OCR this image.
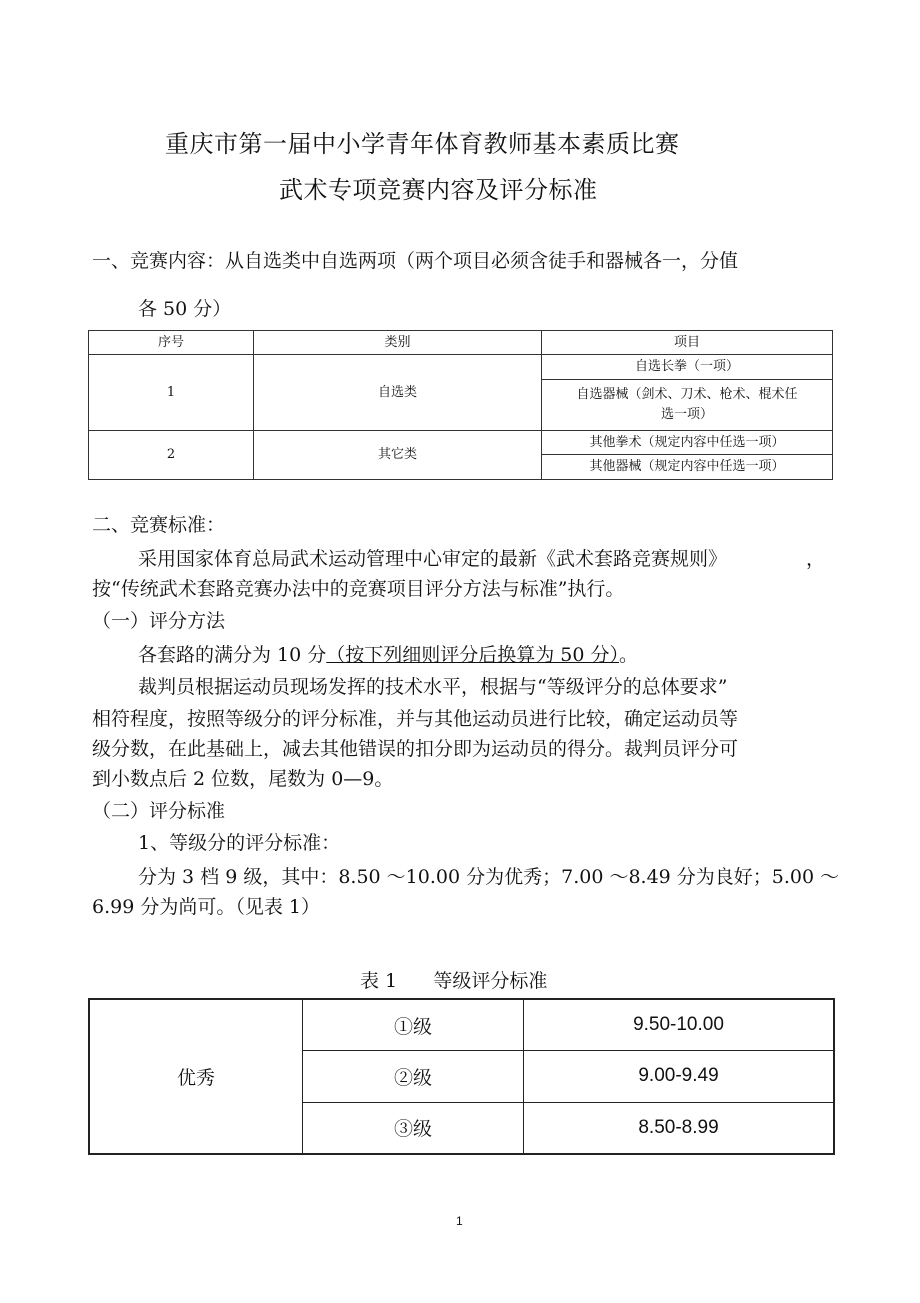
重庆市第一届中小学青年体育教师基本素质比赛
武术专项竞赛内容及评分标准
一、竞赛内容：从自选类中自选两项（两个项目必须含徒手和器械各一，分值
各 50 分）
序号	类别	项目
1	自选类	自选长拳（一项）

		自选器械（剑术、刀术、枪术、棍术任
选一项）

2	其它类	其他拳术（规定内容中任选一项）
		其他器械（规定内容中任选一项）
二、竞赛标准：
采用国家体育总局武术运动管理中心审定的最新《武术套路竞赛规则》	，
按“传统武术套路竞赛办法中的竞赛项目评分方法与标准”执行。
（一）评分方法
各套路的满分为 10 分（按下列细则评分后换算为 50 分）。
裁判员根据运动员现场发挥的技术水平，根据与“等级评分的总体要求”
相符程度，按照等级分的评分标准，并与其他运动员进行比较，确定运动员等
级分数，在此基础上，减去其他错误的扣分即为运动员的得分。裁判员评分可
到小数点后 2 位数，尾数为 0—9。
（二）评分标准
1、等级分的评分标准：
分为 3 档 9 级，其中：8.50 ～10.00 分为优秀；7.00 ～8.49 分为良好；5.00 ～
6.99 分为尚可。（见表 1）
表 1      等级评分标准
优秀	①级	9.50-10.00
	②级	9.00-9.49
	③级	8.50-8.99
1
